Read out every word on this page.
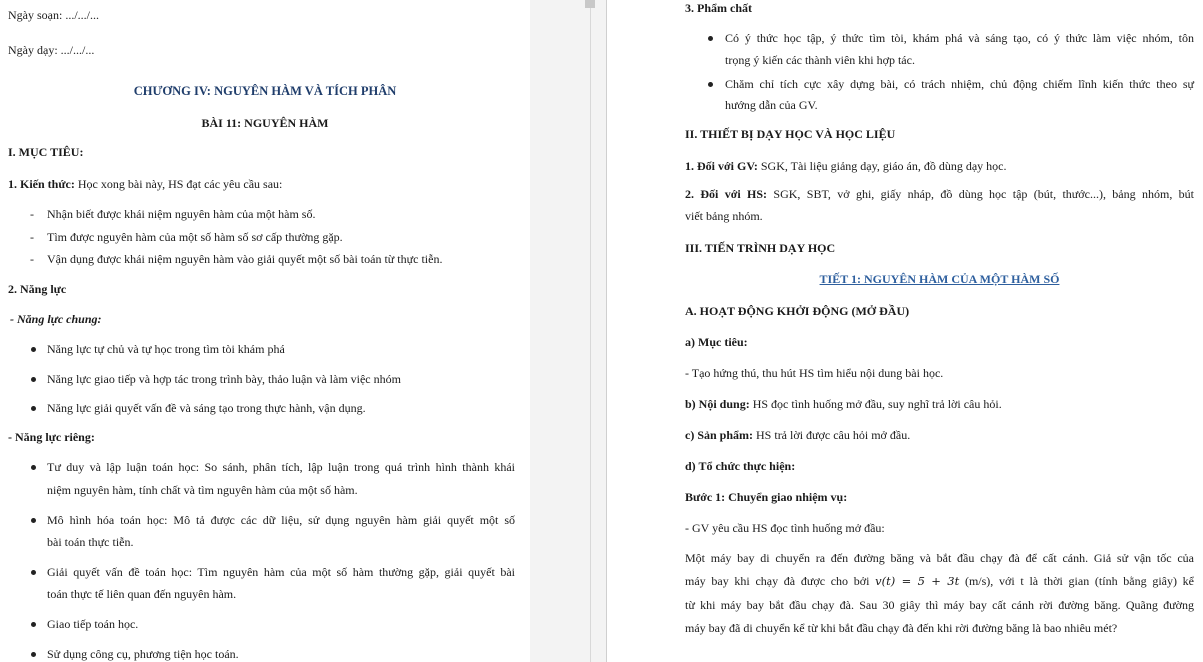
Ngày soạn: .../.../...
Ngày dạy: .../.../...
CHƯƠNG IV: NGUYÊN HÀM VÀ TÍCH PHÂN
BÀI 11: NGUYÊN HÀM
I. MỤC TIÊU:
1. Kiến thức: Học xong bài này, HS đạt các yêu cầu sau:
- Nhận biết được khái niệm nguyên hàm của một hàm số.
- Tìm được nguyên hàm của một số hàm số sơ cấp thường gặp.
- Vận dụng được khái niệm nguyên hàm vào giải quyết một số bài toán từ thực tiễn.
2. Năng lực
- Năng lực chung:
Năng lực tự chủ và tự học trong tìm tòi khám phá
Năng lực giao tiếp và hợp tác trong trình bày, thảo luận và làm việc nhóm
Năng lực giải quyết vấn đề và sáng tạo trong thực hành, vận dụng.
- Năng lực riêng:
Tư duy và lập luận toán học: So sánh, phân tích, lập luận trong quá trình hình thành khái
niệm nguyên hàm, tính chất và tìm nguyên hàm của một số hàm.
Mô hình hóa toán học: Mô tả được các dữ liệu, sử dụng nguyên hàm giải quyết một số
bài toán thực tiễn.
Giải quyết vấn đề toán học: Tìm nguyên hàm của một số hàm thường gặp, giải quyết bài
toán thực tế liên quan đến nguyên hàm.
Giao tiếp toán học.
Sử dụng công cụ, phương tiện học toán.
3. Phẩm chất
Có ý thức học tập, ý thức tìm tòi, khám phá và sáng tạo, có ý thức làm việc nhóm, tôn
trọng ý kiến các thành viên khi hợp tác.
Chăm chỉ tích cực xây dựng bài, có trách nhiệm, chủ động chiếm lĩnh kiến thức theo sự
hướng dẫn của GV.
II. THIẾT BỊ DẠY HỌC VÀ HỌC LIỆU
1. Đối với GV: SGK, Tài liệu giảng dạy, giáo án, đồ dùng dạy học.
2. Đối với HS: SGK, SBT, vở ghi, giấy nháp, đồ dùng học tập (bút, thước...), bảng nhóm, bút
viết bảng nhóm.
III. TIẾN TRÌNH DẠY HỌC
TIẾT 1: NGUYÊN HÀM CỦA MỘT HÀM SỐ
A. HOẠT ĐỘNG KHỞI ĐỘNG (MỞ ĐẦU)
a) Mục tiêu:
- Tạo hứng thú, thu hút HS tìm hiểu nội dung bài học.
b) Nội dung: HS đọc tình huống mở đầu, suy nghĩ trả lời câu hỏi.
c) Sản phẩm: HS trả lời được câu hỏi mở đầu.
d) Tổ chức thực hiện:
Bước 1: Chuyển giao nhiệm vụ:
- GV yêu cầu HS đọc tình huống mở đầu:
Một máy bay di chuyển ra đến đường băng và bắt đầu chạy đà để cất cánh. Giả sử vận tốc của
máy bay khi chạy đà được cho bởi v(t) = 5 + 3t (m/s), với t là thời gian (tính bằng giây) kể
từ khi máy bay bắt đầu chạy đà. Sau 30 giây thì máy bay cất cánh rời đường băng. Quãng đường
máy bay đã di chuyển kể từ khi bắt đầu chạy đà đến khi rời đường băng là bao nhiêu mét?
